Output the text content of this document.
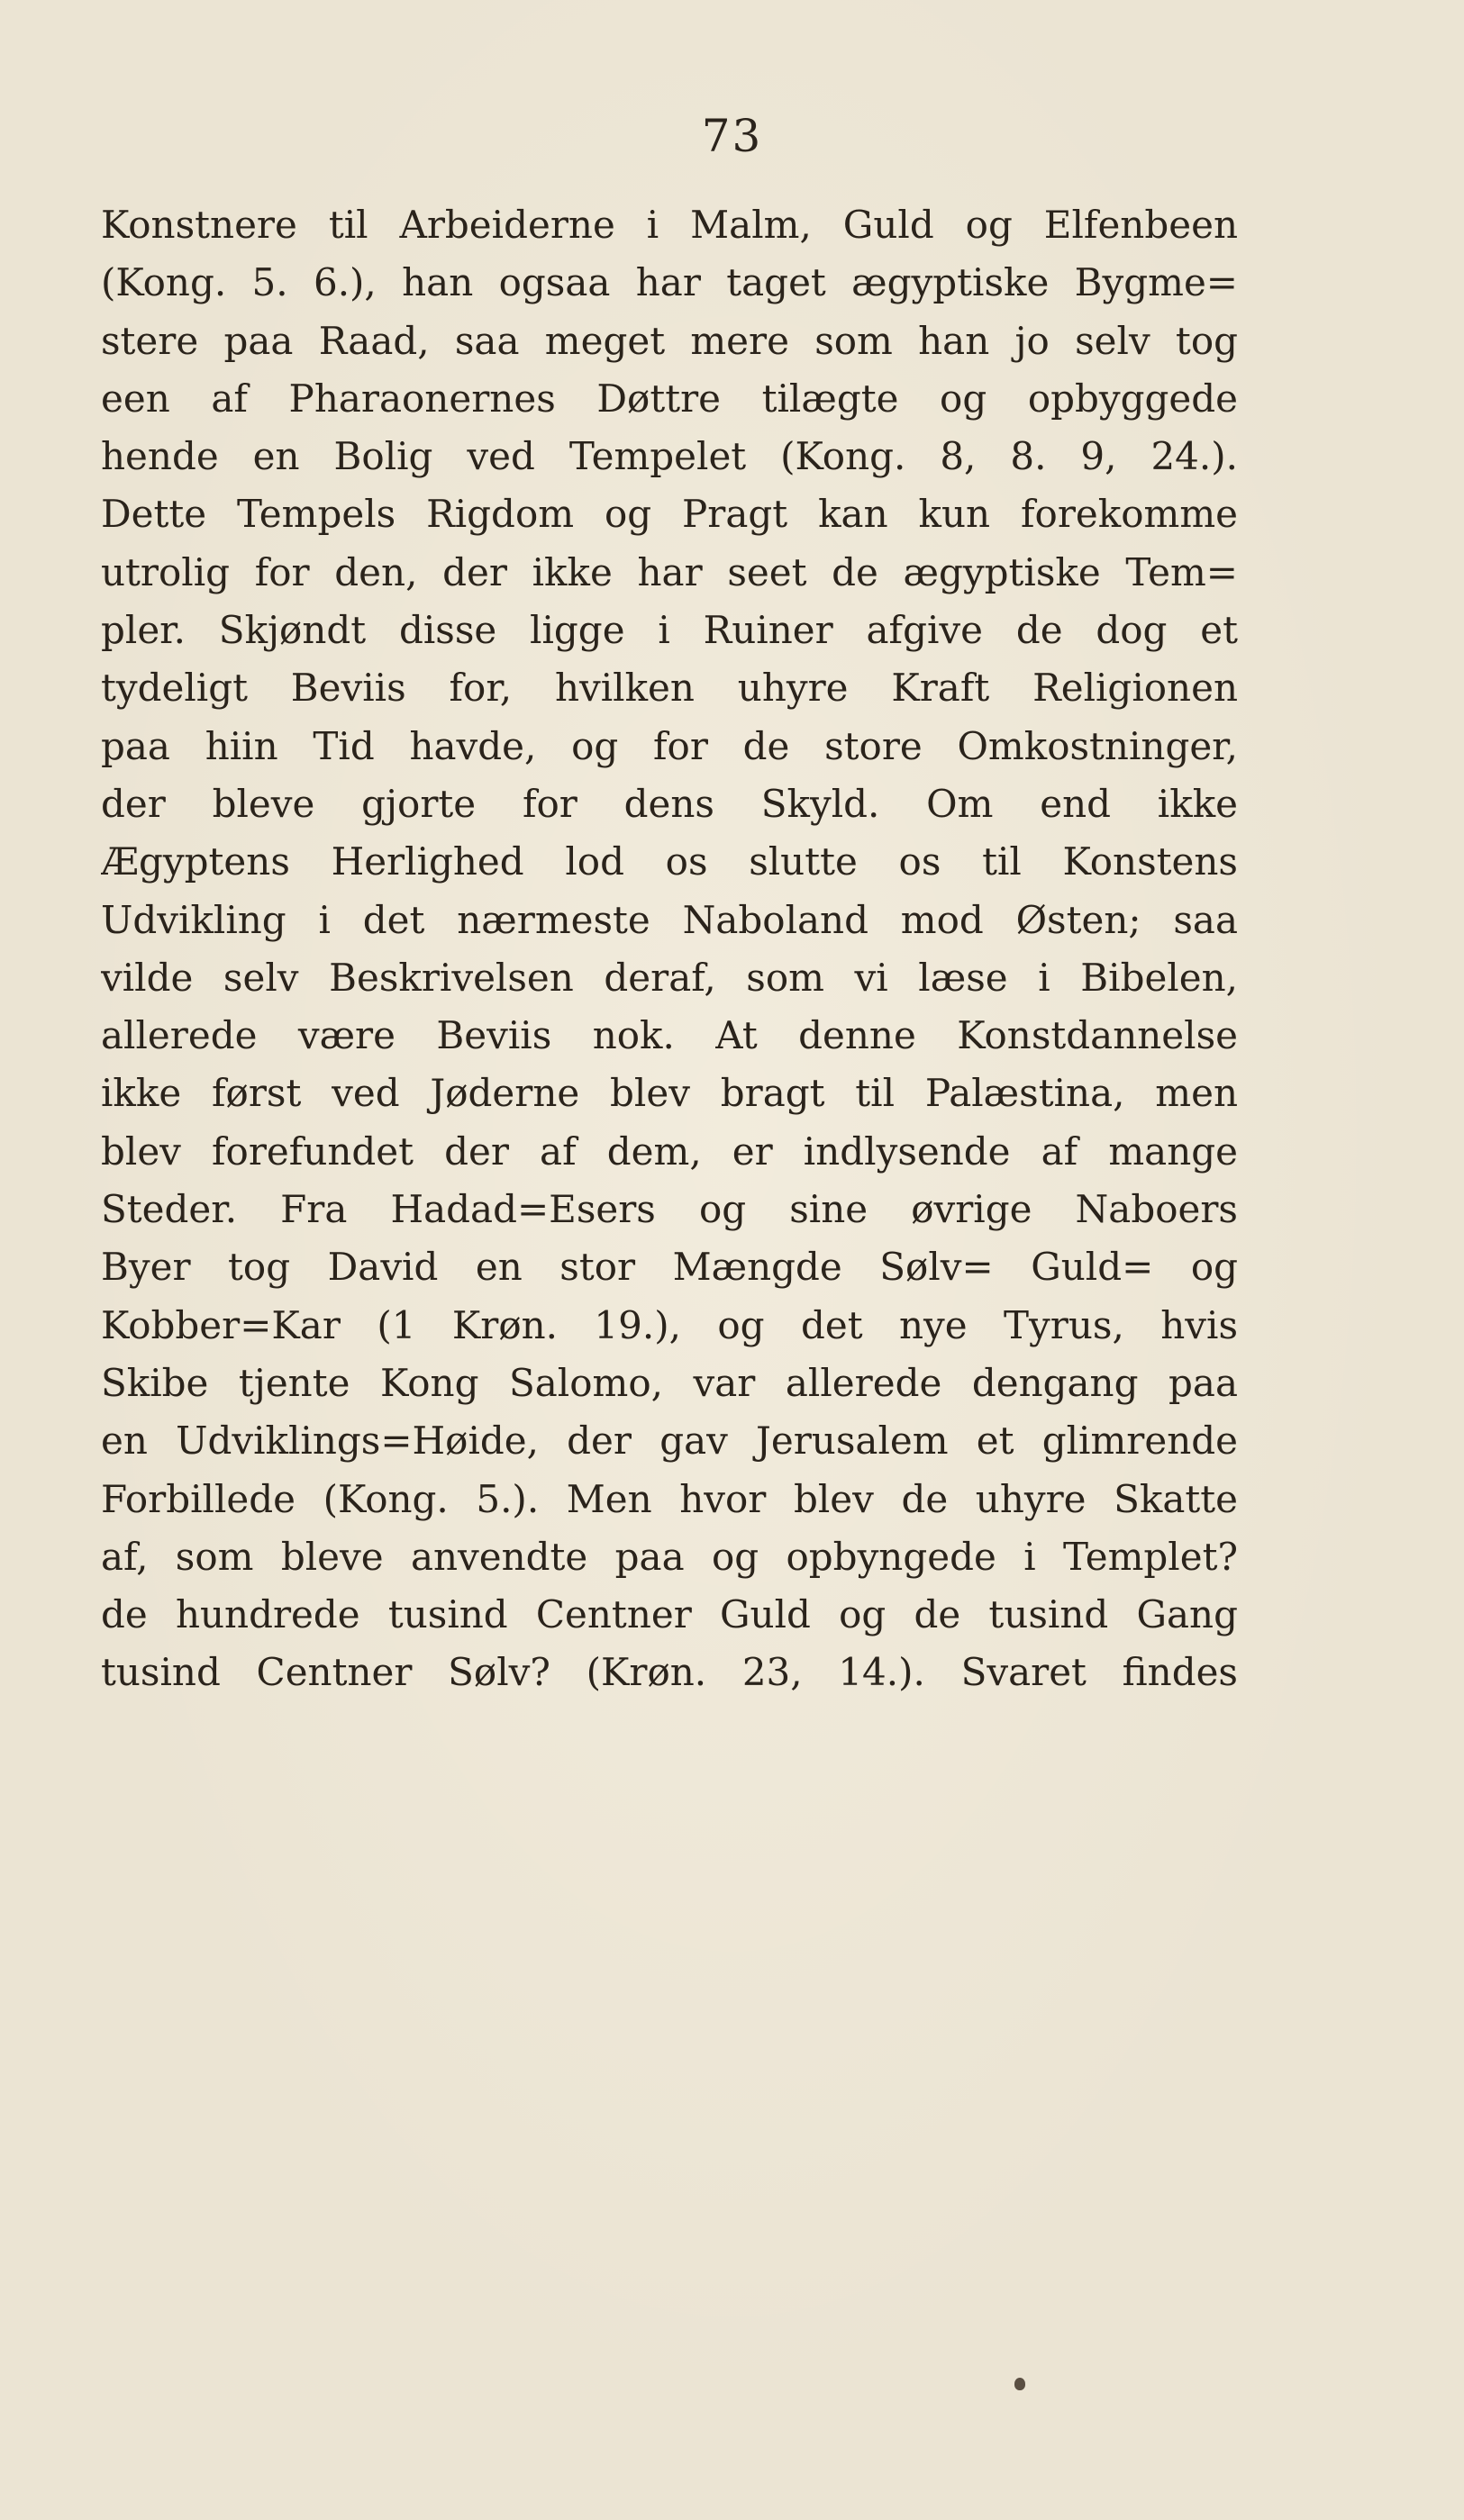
73
Konstnere til Arbeiderne i Malm, Guld og Elfenbeen
(Kong. 5. 6.), han ogsaa har taget ægyptiske Bygme=
stere paa Raad, saa meget mere som han jo selv tog
een af Pharaonernes Døttre tilægte og opbyggede
hende en Bolig ved Tempelet (Kong. 8, 8. 9, 24.).
Dette Tempels Rigdom og Pragt kan kun forekomme
utrolig for den, der ikke har seet de ægyptiske Tem=
pler. Skjøndt disse ligge i Ruiner afgive de dog et
tydeligt Beviis for, hvilken uhyre Kraft Religionen
paa hiin Tid havde, og for de store Omkostninger,
der bleve gjorte for dens Skyld. Om end ikke
Ægyptens Herlighed lod os slutte os til Konstens
Udvikling i det nærmeste Naboland mod Østen; saa
vilde selv Beskrivelsen deraf, som vi læse i Bibelen,
allerede være Beviis nok. At denne Konstdannelse
ikke først ved Jøderne blev bragt til Palæstina, men
blev forefundet der af dem, er indlysende af mange
Steder. Fra Hadad=Esers og sine øvrige Naboers
Byer tog David en stor Mængde Sølv= Guld= og
Kobber=Kar (1 Krøn. 19.), og det nye Tyrus, hvis
Skibe tjente Kong Salomo, var allerede dengang paa
en Udviklings=Høide, der gav Jerusalem et glimrende
Forbillede (Kong. 5.). Men hvor blev de uhyre Skatte
af, som bleve anvendte paa og opbyngede i Templet?
de hundrede tusind Centner Guld og de tusind Gang
tusind Centner Sølv? (Krøn. 23, 14.). Svaret findes
